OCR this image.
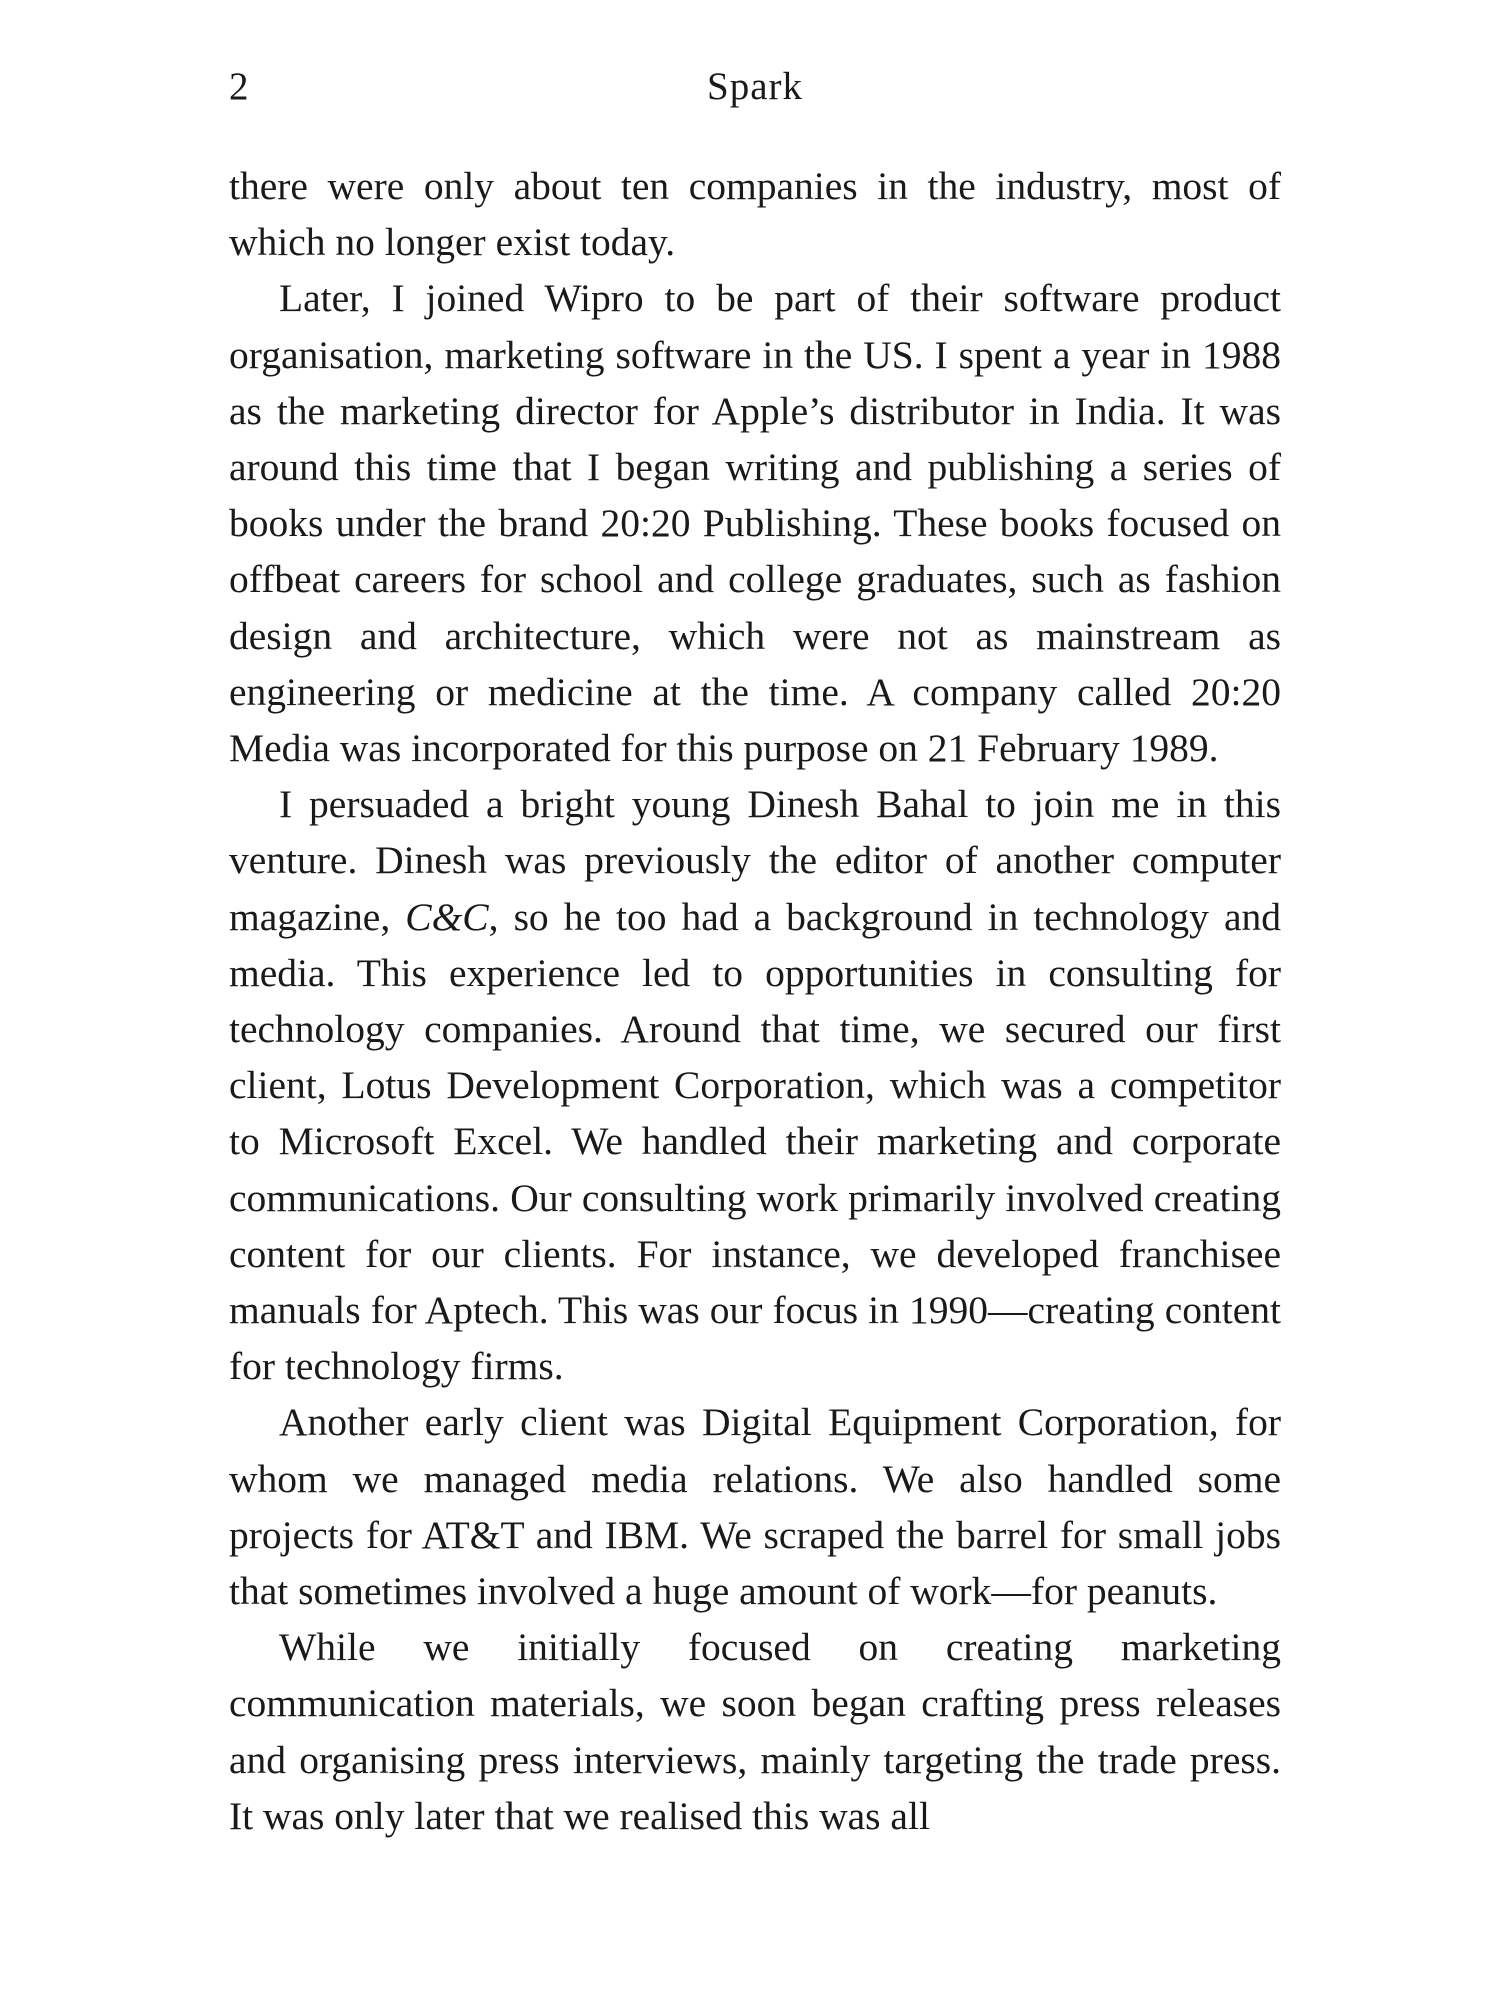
2	Spark

there were only about ten companies in the industry, most of which no longer exist today.

Later, I joined Wipro to be part of their software product organisation, marketing software in the US. I spent a year in 1988 as the marketing director for Apple’s distributor in India. It was around this time that I began writing and publishing a series of books under the brand 20:20 Publishing. These books focused on offbeat careers for school and college graduates, such as fashion design and architecture, which were not as mainstream as engineering or medicine at the time. A company called 20:20 Media was incorporated for this purpose on 21 February 1989.

I persuaded a bright young Dinesh Bahal to join me in this venture. Dinesh was previously the editor of another computer magazine, C&C, so he too had a background in technology and media. This experience led to opportunities in consulting for technology companies. Around that time, we secured our first client, Lotus Development Corporation, which was a competitor to Microsoft Excel. We handled their marketing and corporate communications. Our consulting work primarily involved creating content for our clients. For instance, we developed franchisee manuals for Aptech. This was our focus in 1990—creating content for technology firms.

Another early client was Digital Equipment Corporation, for whom we managed media relations. We also handled some projects for AT&T and IBM. We scraped the barrel for small jobs that sometimes involved a huge amount of work—for peanuts.

While we initially focused on creating marketing communication materials, we soon began crafting press releases and organising press interviews, mainly targeting the trade press. It was only later that we realised this was all
